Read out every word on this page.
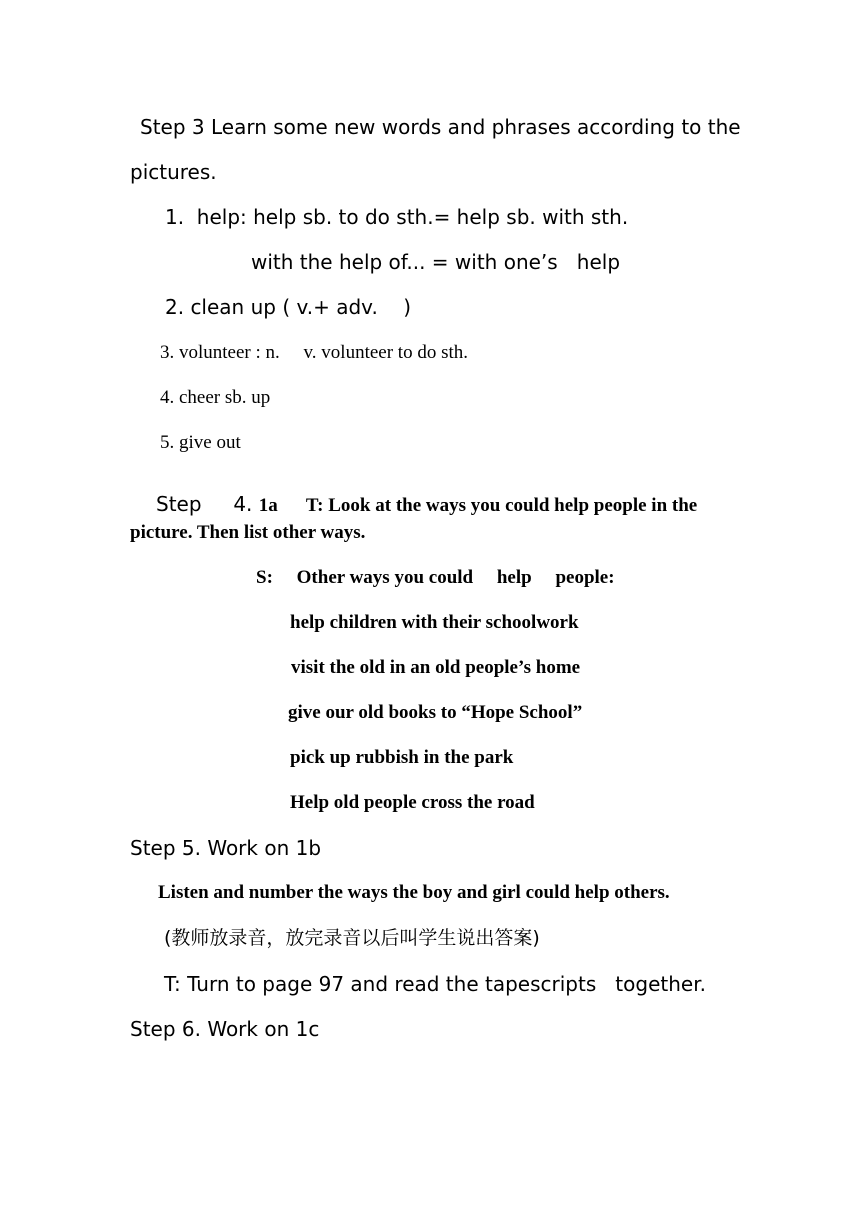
Step 3 Learn some new words and phrases according to the
pictures.
1.  help: help sb. to do sth.= help sb. with sth.
with the help of... = with one’s   help
2. clean up ( v.+ adv.    )
3. volunteer : n.     v. volunteer to do sth.
4. cheer sb. up
5. give out

Step     4. 1a      T: Look at the ways you could help people in the

picture. Then list other ways.
S:     Other ways you could     help     people:
help children with their schoolwork
visit the old in an old people’s home
give our old books to “Hope School”
pick up rubbish in the park
Help old people cross the road
Step 5. Work on 1b
Listen and number the ways the boy and girl could help others.
(教师放录音，放完录音以后叫学生说出答案)
T: Turn to page 97 and read the tapescripts   together.
Step 6. Work on 1c
